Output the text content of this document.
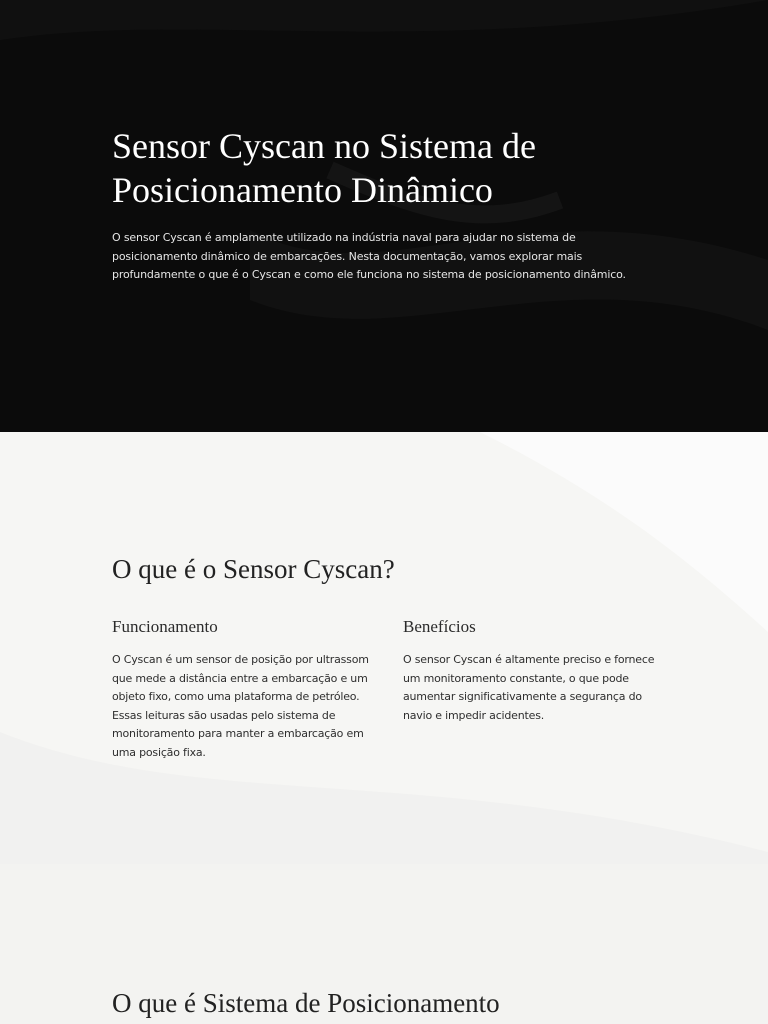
Sensor Cyscan no Sistema de Posicionamento Dinâmico

O sensor Cyscan é amplamente utilizado na indústria naval para ajudar no sistema de posicionamento dinâmico de embarcações. Nesta documentação, vamos explorar mais profundamente o que é o Cyscan e como ele funciona no sistema de posicionamento dinâmico.

O que é o Sensor Cyscan?
Funcionamento

O Cyscan é um sensor de posição por ultrassom que mede a distância entre a embarcação e um objeto fixo, como uma plataforma de petróleo. Essas leituras são usadas pelo sistema de monitoramento para manter a embarcação em uma posição fixa.

Benefícios

O sensor Cyscan é altamente preciso e fornece um monitoramento constante, o que pode aumentar significativamente a segurança do navio e impedir acidentes.

O que é Sistema de Posicionamento
